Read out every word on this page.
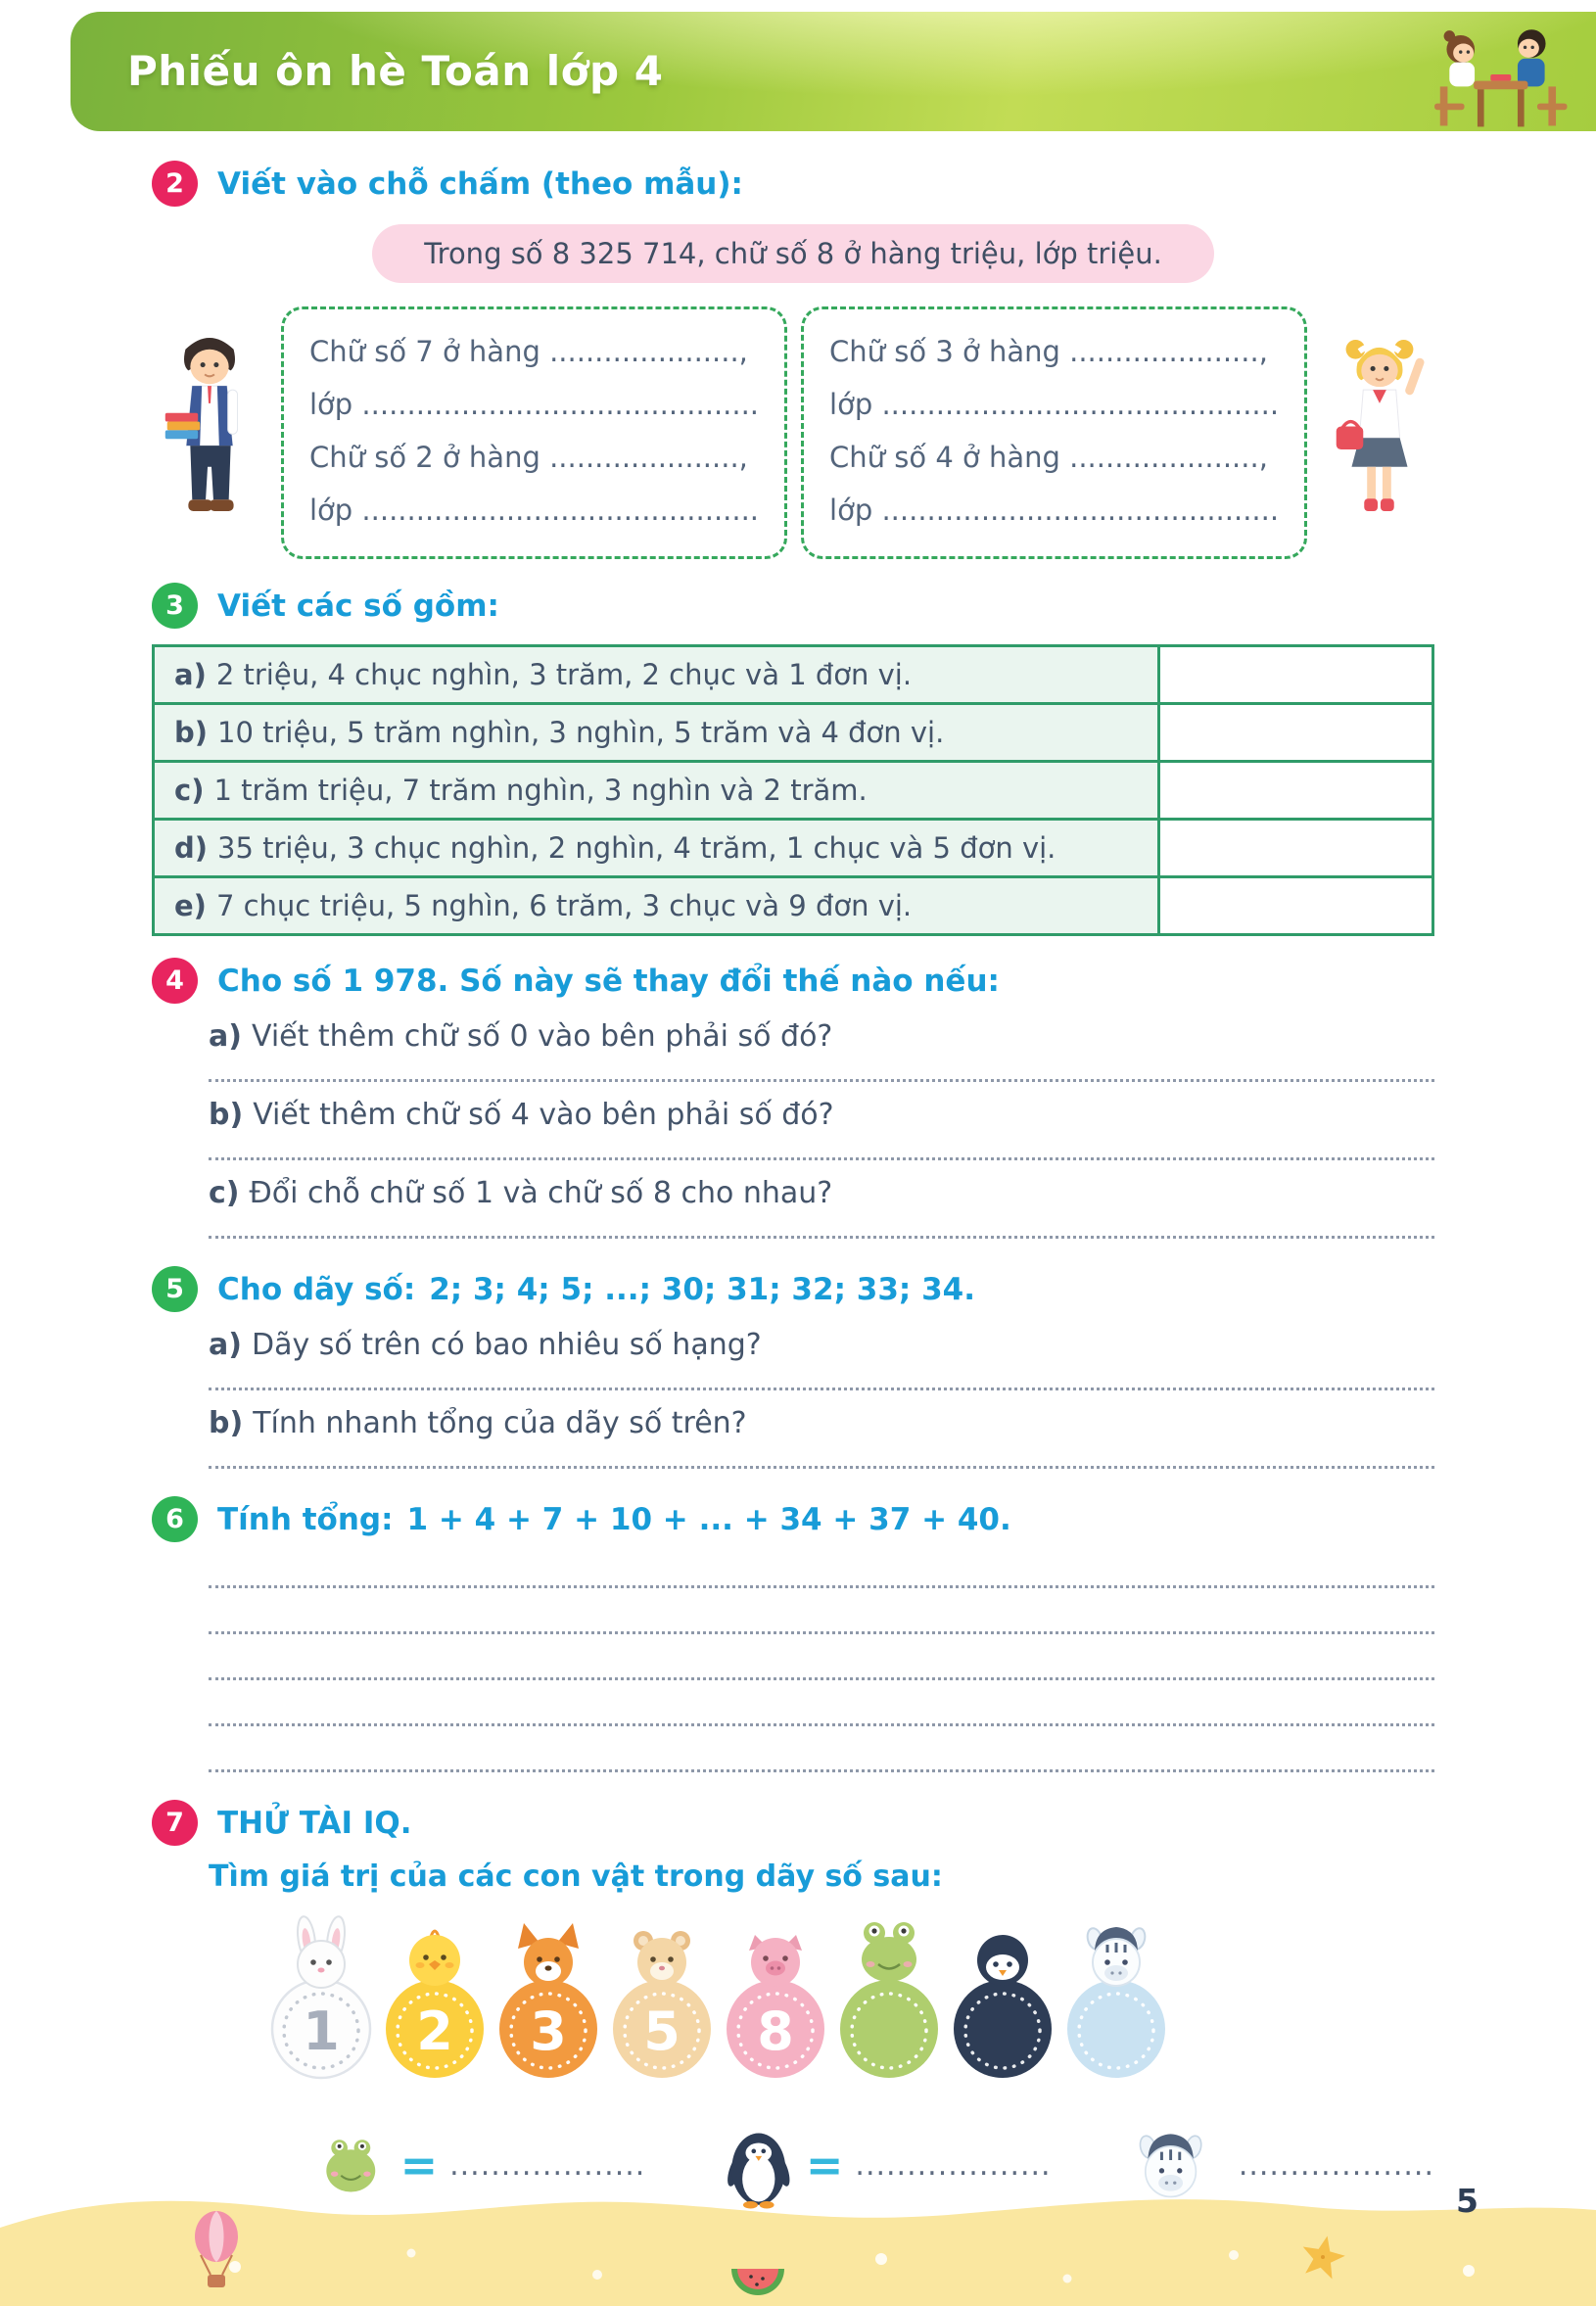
Phiếu ôn hè Toán lớp 4
2	Viết vào chỗ chấm (theo mẫu):
Trong số 8 325 714, chữ số 8 ở hàng triệu, lớp triệu.
Chữ số 7 ở hàng .....................,
lớp ............................................
Chữ số 2 ở hàng .....................,
lớp ............................................
Chữ số 3 ở hàng .....................,
lớp ............................................
Chữ số 4 ở hàng .....................,
lớp ............................................
3	Viết các số gồm:
a) 2 triệu, 4 chục nghìn, 3 trăm, 2 chục và 1 đơn vị.	
b) 10 triệu, 5 trăm nghìn, 3 nghìn, 5 trăm và 4 đơn vị.	
c) 1 trăm triệu, 7 trăm nghìn, 3 nghìn và 2 trăm.	
d) 35 triệu, 3 chục nghìn, 2 nghìn, 4 trăm, 1 chục và 5 đơn vị.	
e) 7 chục triệu, 5 nghìn, 6 trăm, 3 chục và 9 đơn vị.	
4	Cho số 1 978. Số này sẽ thay đổi thế nào nếu:
a) Viết thêm chữ số 0 vào bên phải số đó?
b) Viết thêm chữ số 4 vào bên phải số đó?
c) Đổi chỗ chữ số 1 và chữ số 8 cho nhau?
5	Cho dãy số: 2; 3; 4; 5; ...; 30; 31; 32; 33; 34.
a) Dãy số trên có bao nhiêu số hạng?
b) Tính nhanh tổng của dãy số trên?
6	Tính tổng: 1 + 4 + 7 + 10 + ... + 34 + 37 + 40.
7	THỬ TÀI IQ.
Tìm giá trị của các con vật trong dãy số sau:
1 2 3 5 8
= ...................	= ...................	...................
5
